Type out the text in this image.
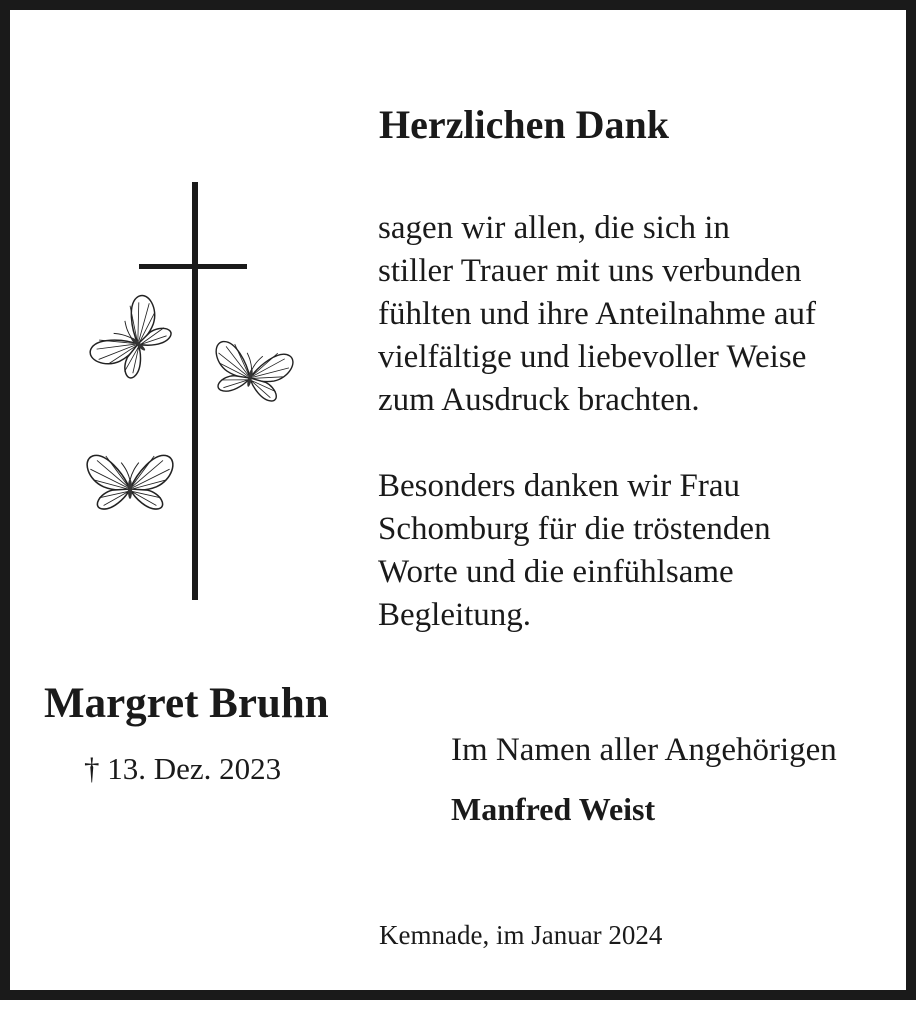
Herzlichen Dank
sagen wir allen, die sich in
stiller Trauer mit uns verbunden
fühlten und ihre Anteilnahme auf
vielfältige und liebevoller Weise
zum Ausdruck brachten.
Besonders danken wir Frau
Schomburg für die tröstenden
Worte und die einfühlsame
Begleitung.
Margret Bruhn
† 13. Dez. 2023
Im Namen aller Angehörigen
Manfred Weist
Kemnade, im Januar 2024
